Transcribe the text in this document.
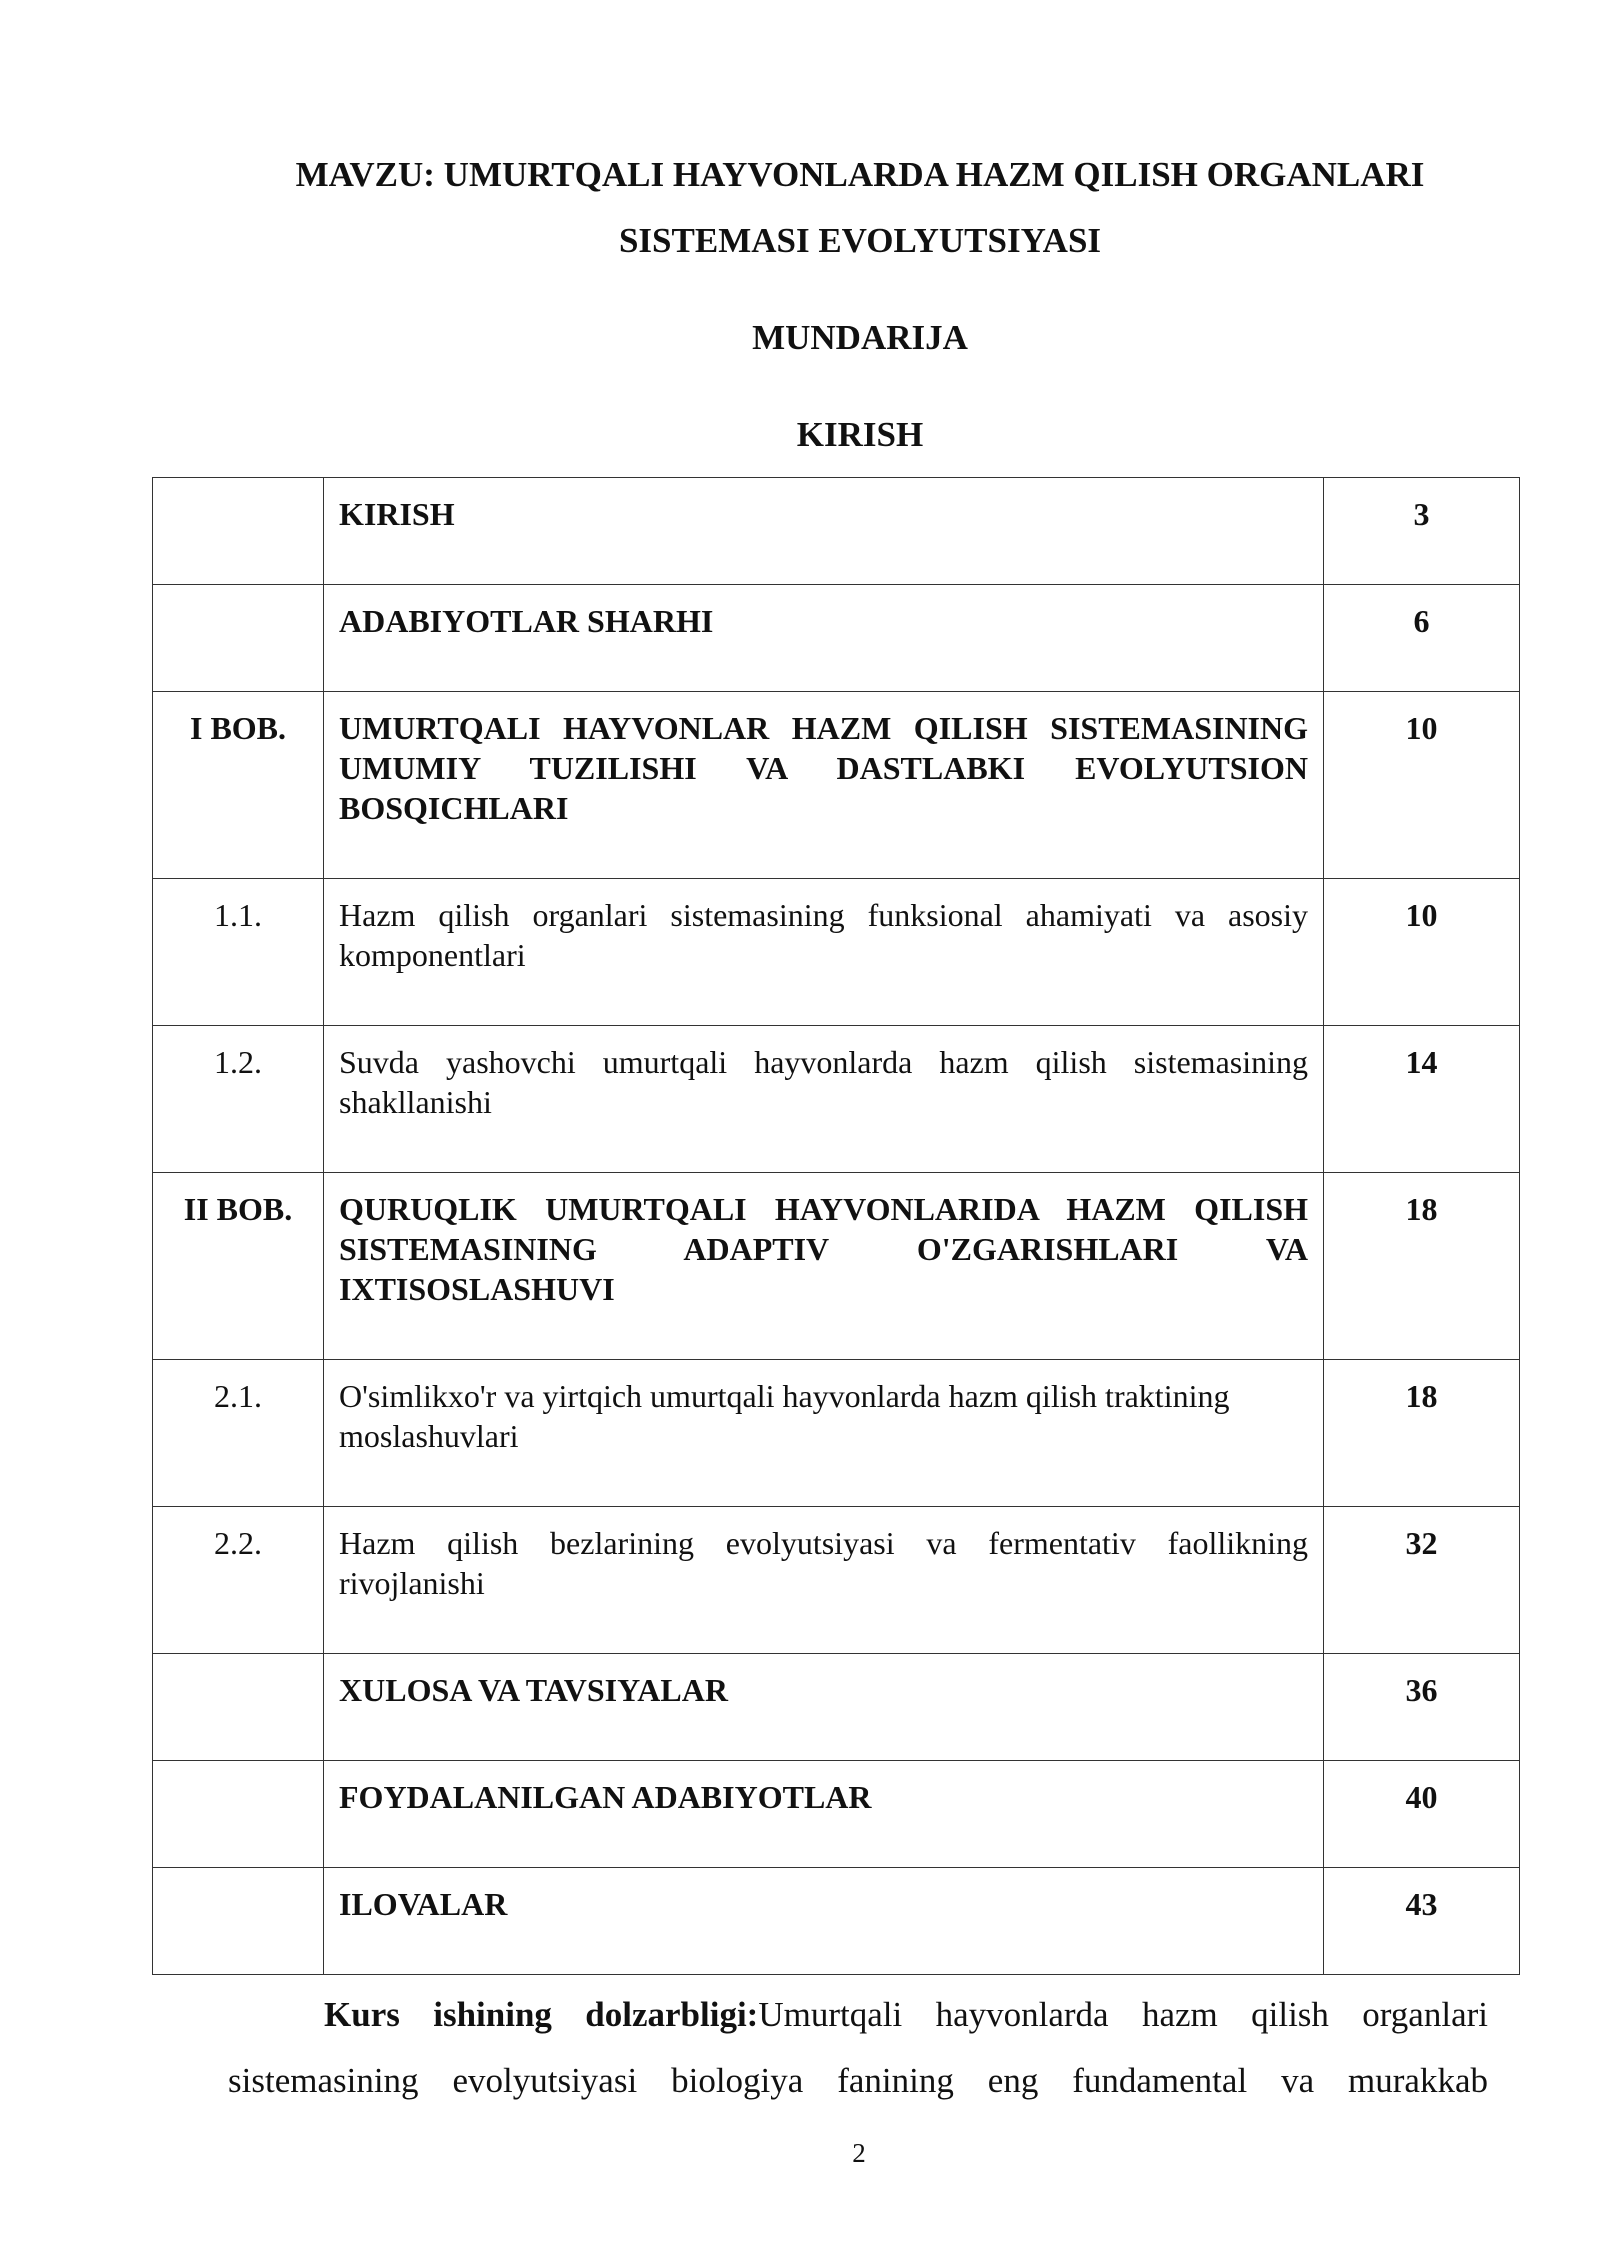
MAVZU: UMURTQALI HAYVONLARDA HAZM QILISH ORGANLARI
SISTEMASI EVOLYUTSIYASI
MUNDARIJA
KIRISH
	KIRISH	3
	ADABIYOTLAR SHARHI	6
I BOB.	UMURTQALI HAYVONLAR HAZM QILISH SISTEMASINING UMUMIY TUZILISHI VA DASTLABKI EVOLYUTSION BOSQICHLARI	10
1.1.	Hazm qilish organlari sistemasining funksional ahamiyati va asosiy komponentlari	10
1.2.	Suvda yashovchi umurtqali hayvonlarda hazm qilish sistemasining shakllanishi	14
II BOB.	QURUQLIK UMURTQALI HAYVONLARIDA HAZM QILISH SISTEMASINING ADAPTIV O'ZGARISHLARI VA IXTISOSLASHUVI	18
2.1.	O'simlikxo'r va yirtqich umurtqali hayvonlarda hazm qilish traktining moslashuvlari	18
2.2.	Hazm qilish bezlarining evolyutsiyasi va fermentativ faollikning rivojlanishi	32
	XULOSA VA TAVSIYALAR	36
	FOYDALANILGAN ADABIYOTLAR	40
	ILOVALAR	43
Kurs ishining dolzarbligi:Umurtqali hayvonlarda hazm qilish organlari
sistemasining evolyutsiyasi biologiya fanining eng fundamental va murakkab
2
